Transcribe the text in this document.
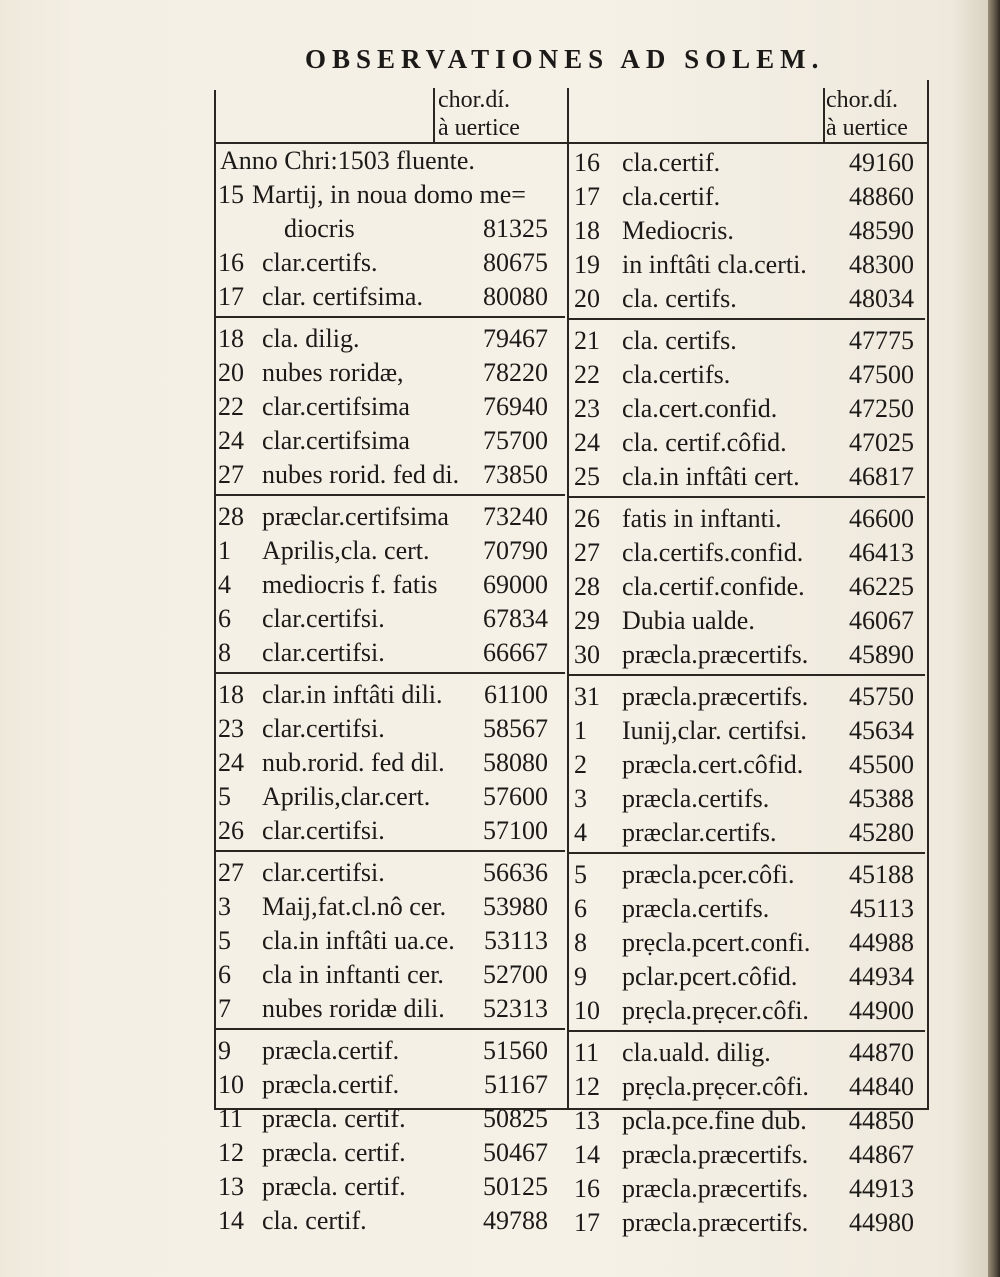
OBSERVATIONES AD SOLEM.
chor.dí.
à uertice
chor.dí.
à uertice
Anno Chri:1503 fluente.
15 Martij, in noua domo me=
diocris	81325
16 clar.certifs.	80675
17 clar. certifsima. 80080
18 cla. dilig.	79467
20 nubes roridæ,	78220
22 clar.certifsima	76940
24 clar.certifsima	75700
27 nubes rorid. fed di. 73850
28 præclar.certifsima 73240
1 Aprilis,cla. cert. 70790
4 mediocris f. fatis 69000
6 clar.certifsi.	67834
8 clar.certifsi.	66667
18 clar.in inftâti dili. 61100
23 clar.certifsi.	58567
24 nub.rorid. fed dil. 58080
5 Aprilis,clar.cert. 57600
26 clar.certifsi.	57100
27 clar.certifsi.	56636
3 Maij,fat.cl.nô cer. 53980
5 cla.in inftâti ua.ce. 53113
6 cla in inftanti cer. 52700
7 nubes roridæ dili. 52313
9 præcla.certif.	51560
10 præcla.certif.	51167
11 præcla. certif.	50825
12 præcla. certif.	50467
13 præcla. certif.	50125
14 cla. certif.	49788
16 cla.certif.	49160
17 cla.certif.	48860
18 Mediocris.	48590
19 in inftâti cla.certi. 48300
20 cla. certifs.	48034
21 cla. certifs.	47775
22 cla.certifs.	47500
23 cla.cert.confid.	47250
24 cla. certif.côfid. 47025
25 cla.in inftâti cert. 46817
26 fatis in inftanti.	46600
27 cla.certifs.confid. 46413
28 cla.certif.confide. 46225
29 Dubia ualde.	46067
30 præcla.præcertifs. 45890
31 præcla.præcertifs. 45750
1 Iunij,clar. certifsi. 45634
2 præcla.cert.côfid. 45500
3 præcla.certifs.	45388
4 præclar.certifs.	45280
5 præcla.pcer.côfi. 45188
6 præcla.certifs.	45113
8 prẹcla.pcert.confi. 44988
9 pclar.pcert.côfid. 44934
10 prẹcla.prẹcer.côfi. 44900
11 cla.uald. dilig.	44870
12 prẹcla.prẹcer.côfi. 44840
13 pcla.pce.fine dub. 44850
14 præcla.præcertifs. 44867
16 præcla.præcertifs. 44913
17 præcla.præcertifs. 44980
